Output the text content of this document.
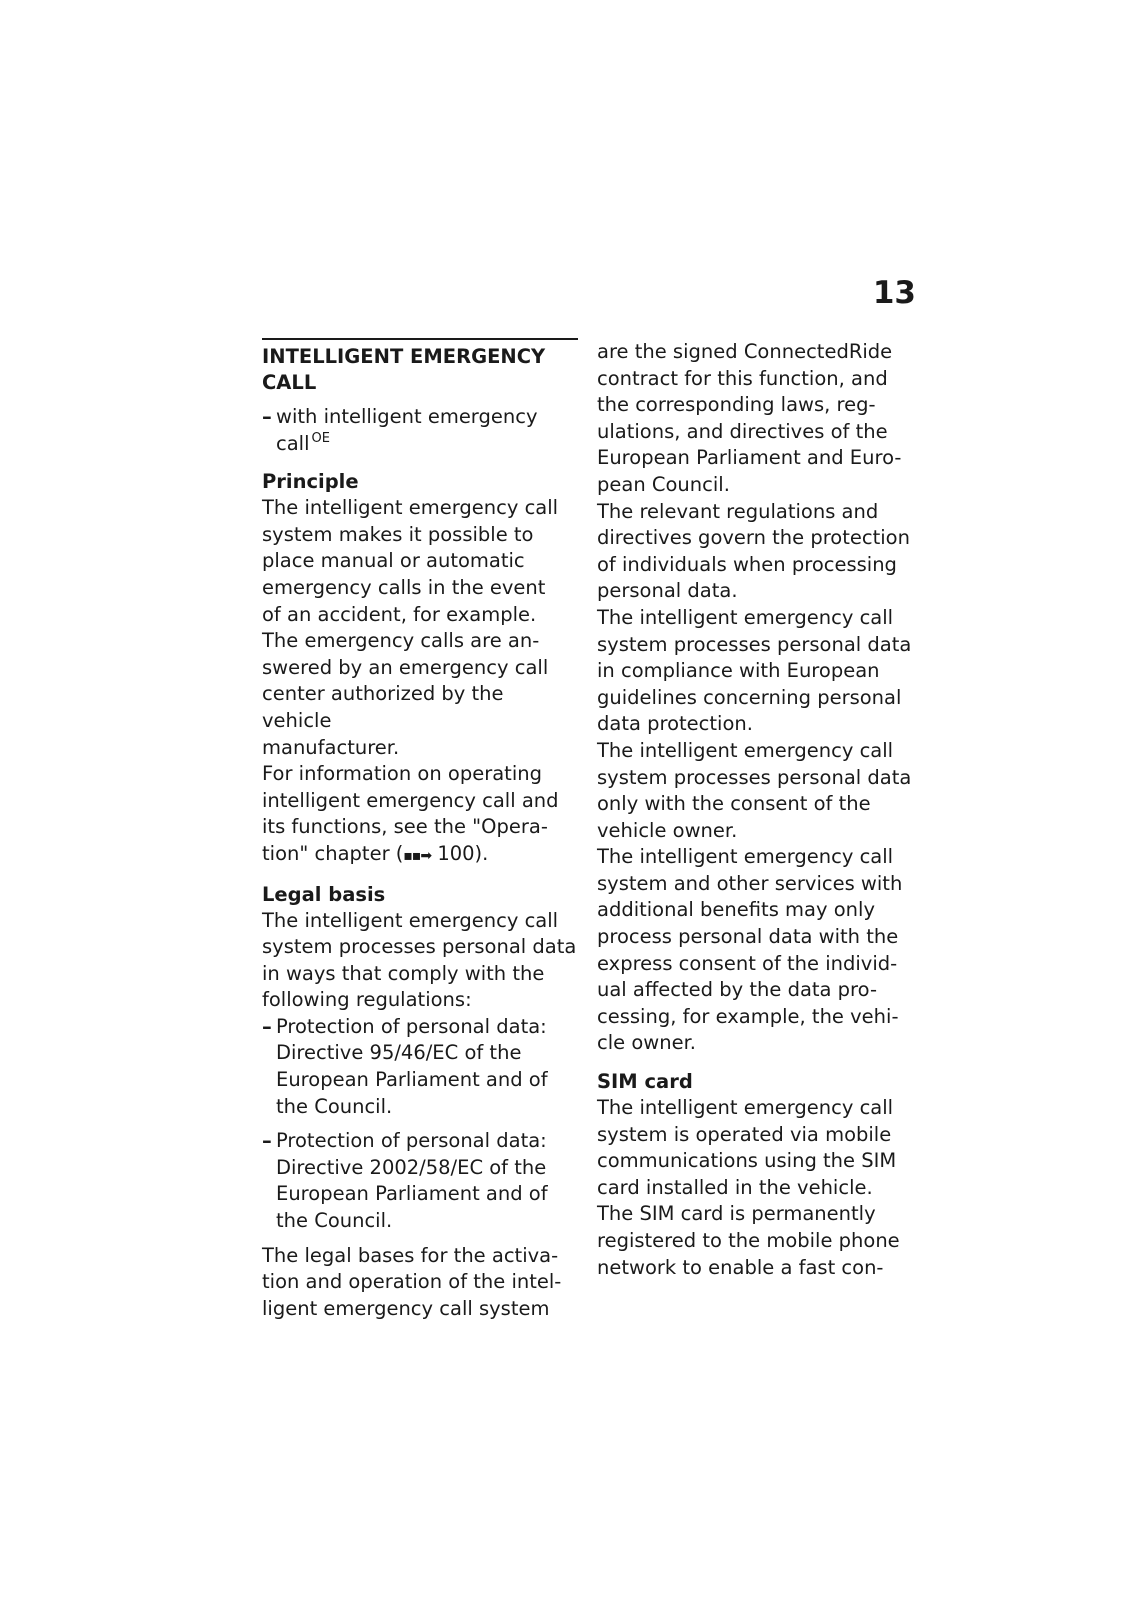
13
INTELLIGENT EMERGENCY
CALL
– with intelligent emergency
call $^{OE}$
Principle
The intelligent emergency call
system makes it possible to
place manual or automatic
emergency calls in the event
of an accident, for example.
The emergency calls are an-
swered by an emergency call
center authorized by the vehicle
manufacturer.
For information on operating
intelligent emergency call and
its functions, see the "Opera-
tion" chapter (▪▪➡ 100).
Legal basis
The intelligent emergency call
system processes personal data
in ways that comply with the
following regulations:
– Protection of personal data:
Directive 95/46/EC of the
European Parliament and of
the Council.
– Protection of personal data:
Directive 2002/58/EC of the
European Parliament and of
the Council.
The legal bases for the activa-
tion and operation of the intel-
ligent emergency call system
are the signed ConnectedRide
contract for this function, and
the corresponding laws, reg-
ulations, and directives of the
European Parliament and Euro-
pean Council.
The relevant regulations and
directives govern the protection
of individuals when processing
personal data.
The intelligent emergency call
system processes personal data
in compliance with European
guidelines concerning personal
data protection.
The intelligent emergency call
system processes personal data
only with the consent of the
vehicle owner.
The intelligent emergency call
system and other services with
additional benefits may only
process personal data with the
express consent of the individ-
ual affected by the data pro-
cessing, for example, the vehi-
cle owner.
SIM card
The intelligent emergency call
system is operated via mobile
communications using the SIM
card installed in the vehicle.
The SIM card is permanently
registered to the mobile phone
network to enable a fast con-
